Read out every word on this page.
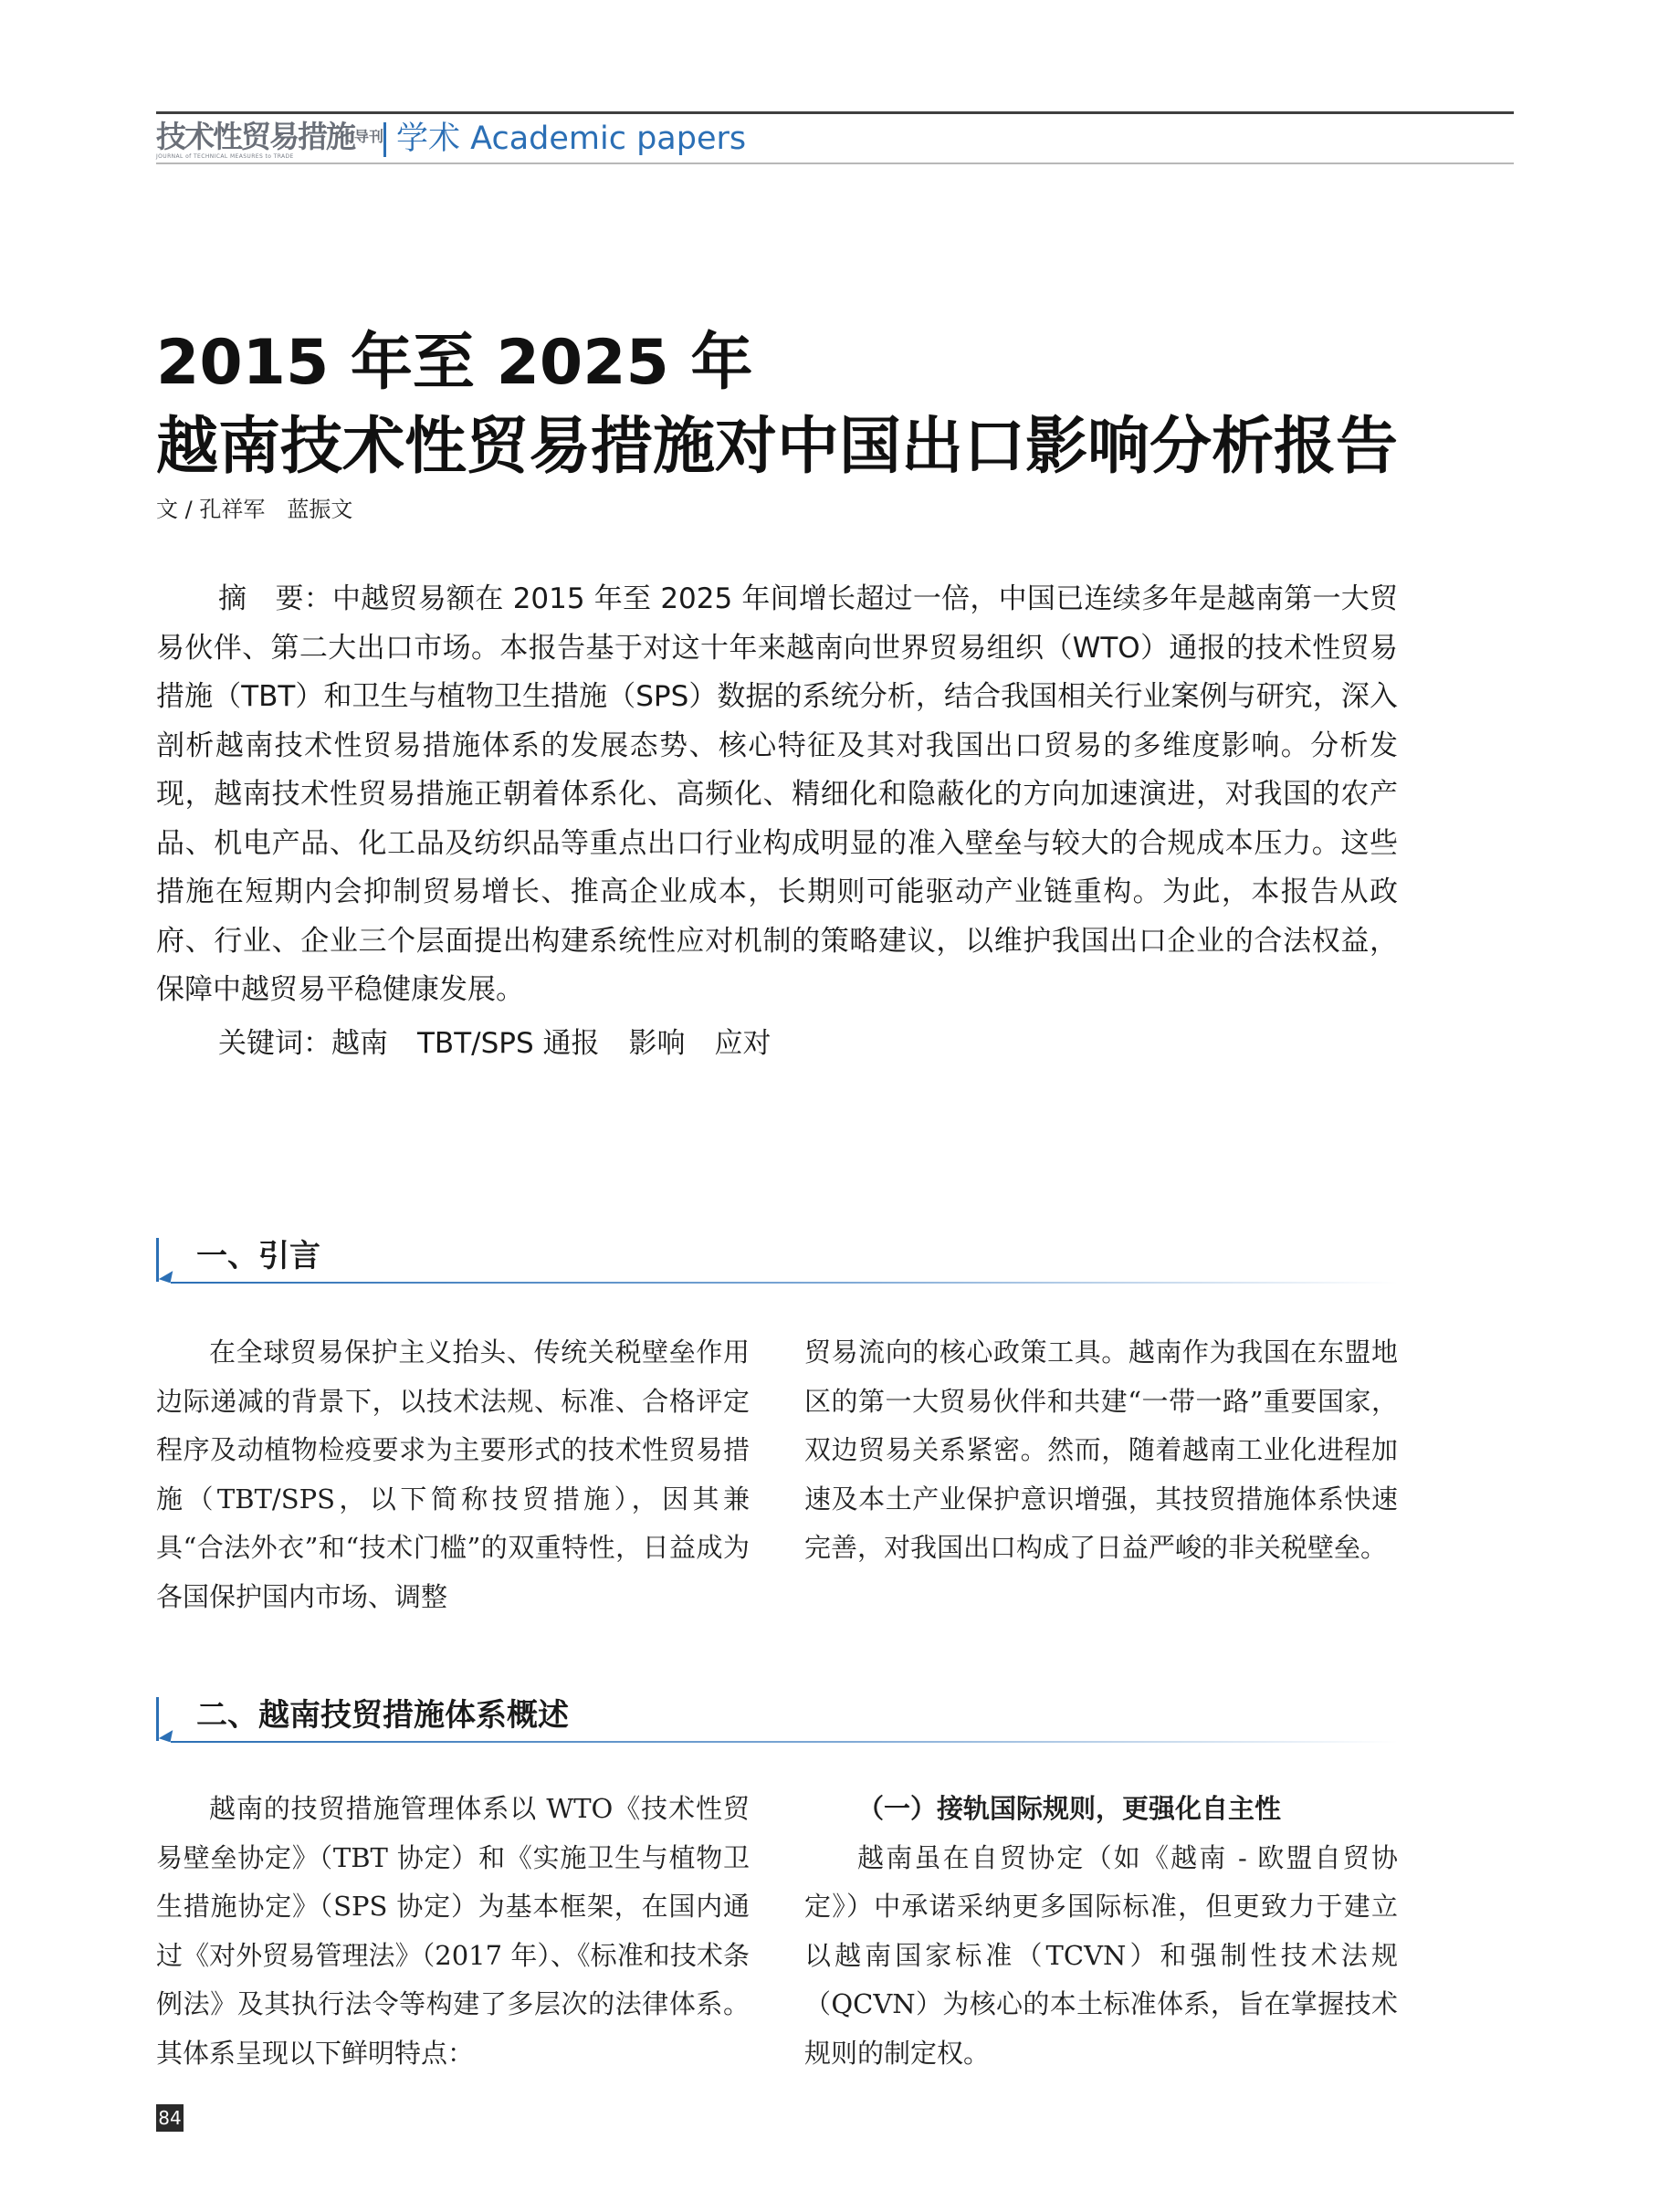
技术性贸易措施$^{导刊}$
JOURNAL of TECHNICAL MEASURES to TRADE	学术 Academic papers
2015 年至 2025 年
越南技术性贸易措施对中国出口影响分析报告
文 / 孔祥军　蓝振文
摘　要：中越贸易额在 2015 年至 2025 年间增长超过一倍，中国已连续多年是越南第一大贸易伙伴、第二大出口市场。本报告基于对这十年来越南向世界贸易组织（WTO）通报的技术性贸易措施（TBT）和卫生与植物卫生措施（SPS）数据的系统分析，结合我国相关行业案例与研究，深入剖析越南技术性贸易措施体系的发展态势、核心特征及其对我国出口贸易的多维度影响。分析发现，越南技术性贸易措施正朝着体系化、高频化、精细化和隐蔽化的方向加速演进，对我国的农产品、机电产品、化工品及纺织品等重点出口行业构成明显的准入壁垒与较大的合规成本压力。这些措施在短期内会抑制贸易增长、推高企业成本，长期则可能驱动产业链重构。为此，本报告从政府、行业、企业三个层面提出构建系统性应对机制的策略建议，以维护我国出口企业的合法权益，保障中越贸易平稳健康发展。
关键词：越南 TBT/SPS 通报 影响 应对
一、引言

在全球贸易保护主义抬头、传统关税壁垒作用边际递减的背景下，以技术法规、标准、合格评定程序及动植物检疫要求为主要形式的技术性贸易措施（TBT/SPS，以下简称技贸措施），因其兼具“合法外衣”和“技术门槛”的双重特性，日益成为各国保护国内市场、调整

贸易流向的核心政策工具。越南作为我国在东盟地区的第一大贸易伙伴和共建“一带一路”重要国家，双边贸易关系紧密。然而，随着越南工业化进程加速及本土产业保护意识增强，其技贸措施体系快速完善，对我国出口构成了日益严峻的非关税壁垒。

二、越南技贸措施体系概述

越南的技贸措施管理体系以 WTO《技术性贸易壁垒协定》（TBT 协定）和《实施卫生与植物卫生措施协定》（SPS 协定）为基本框架，在国内通过《对外贸易管理法》（2017 年）、《标准和技术条例法》及其执行法令等构建了多层次的法律体系。其体系呈现以下鲜明特点：

（一）接轨国际规则，更强化自主性

越南虽在自贸协定（如《越南 - 欧盟自贸协定》）中承诺采纳更多国际标准，但更致力于建立以越南国家标准（TCVN）和强制性技术法规（QCVN）为核心的本土标准体系，旨在掌握技术规则的制定权。

84
